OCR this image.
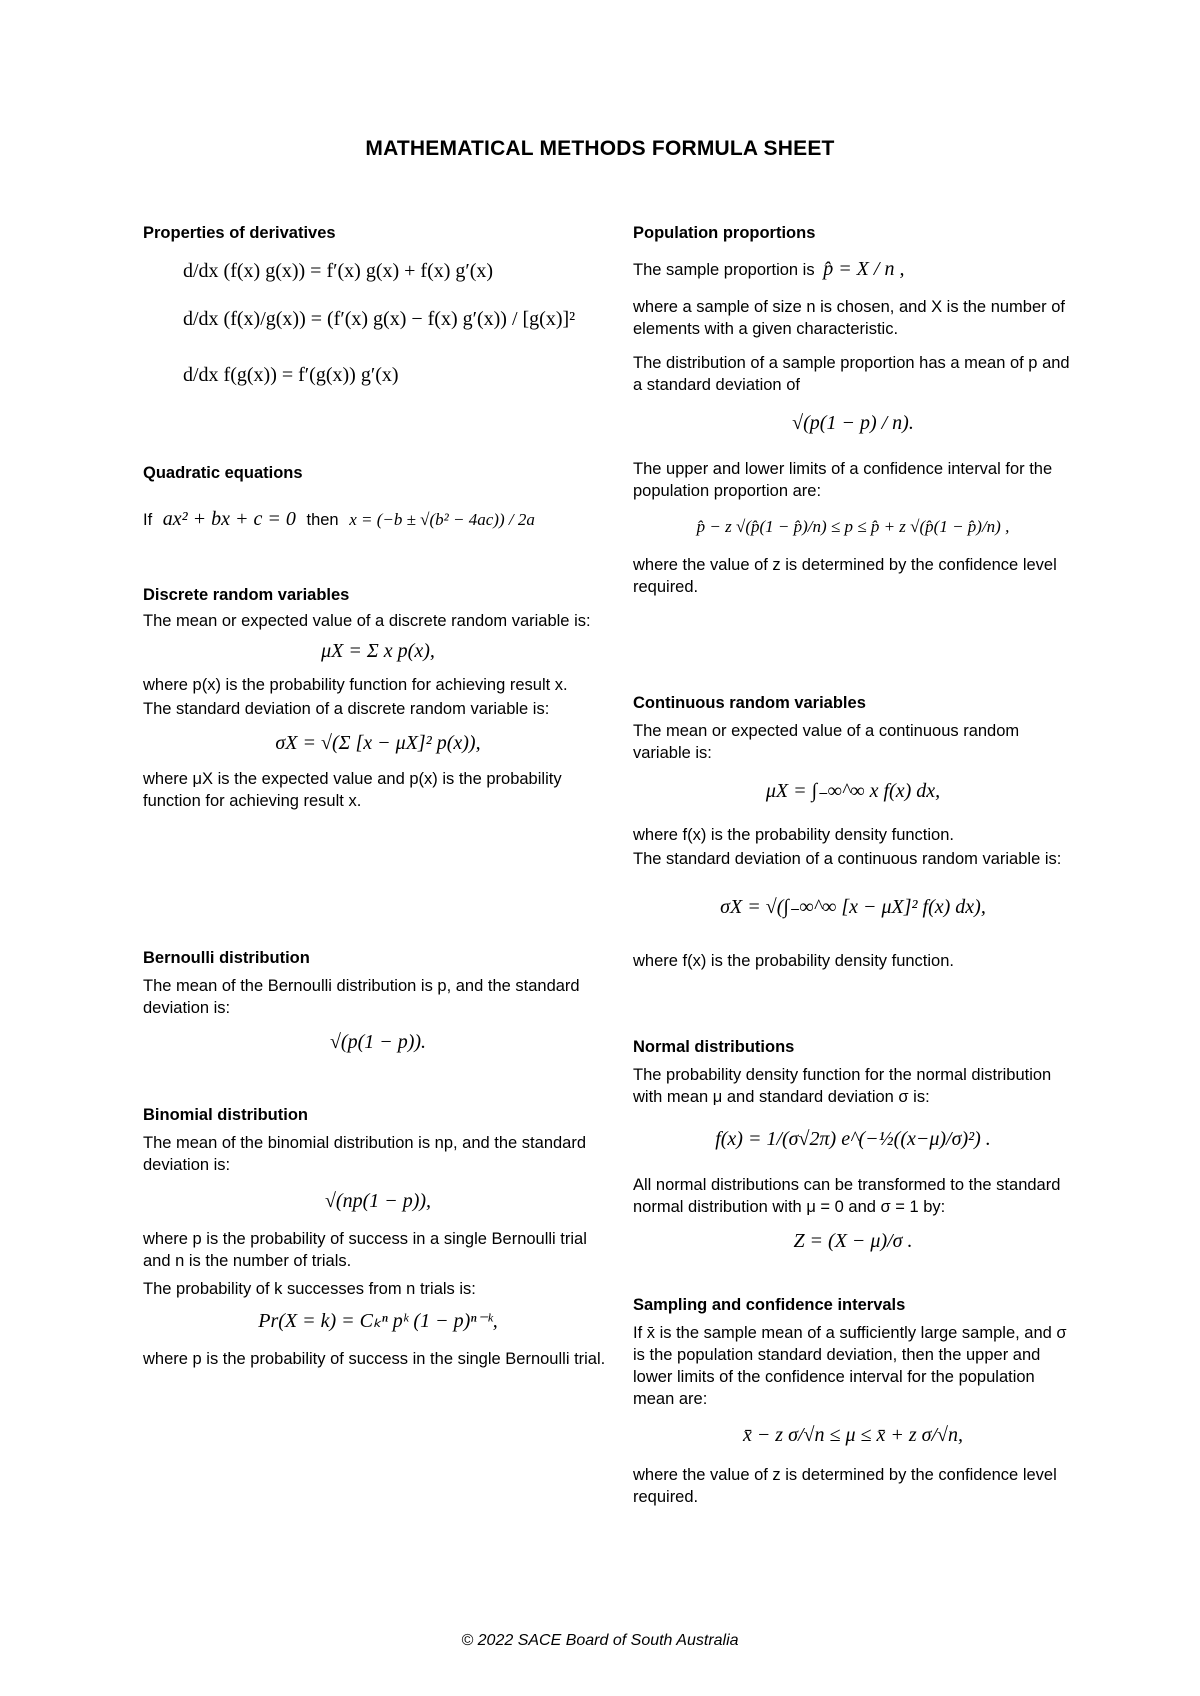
MATHEMATICAL METHODS FORMULA SHEET
Properties of derivatives
d/dx (f(x) g(x)) = f′(x) g(x) + f(x) g′(x)
d/dx (f(x)/g(x)) = (f′(x) g(x) − f(x) g′(x)) / [g(x)]²
d/dx f(g(x)) = f′(g(x)) g′(x)
Quadratic equations
If ax² + bx + c = 0 then x = (−b ± √(b² − 4ac)) / 2a
Discrete random variables

The mean or expected value of a discrete random variable is:

μX = Σ x p(x),

where p(x) is the probability function for achieving result x.

The standard deviation of a discrete random variable is:

σX = √(Σ [x − μX]² p(x)),

where μX is the expected value and p(x) is the probability function for achieving result x.

Bernoulli distribution

The mean of the Bernoulli distribution is p, and the standard deviation is:

√(p(1 − p)).
Binomial distribution

The mean of the binomial distribution is np, and the standard deviation is:

√(np(1 − p)),

where p is the probability of success in a single Bernoulli trial and n is the number of trials.

The probability of k successes from n trials is:

Pr(X = k) = Cₖⁿ pᵏ (1 − p)ⁿ⁻ᵏ,

where p is the probability of success in the single Bernoulli trial.

Population proportions

The sample proportion is p̂ = X / n ,

where a sample of size n is chosen, and X is the number of elements with a given characteristic.

The distribution of a sample proportion has a mean of p and a standard deviation of

√(p(1 − p) / n).

The upper and lower limits of a confidence interval for the population proportion are:

p̂ − z √(p̂(1 − p̂)/n) ≤ p ≤ p̂ + z √(p̂(1 − p̂)/n) ,

where the value of z is determined by the confidence level required.

Continuous random variables

The mean or expected value of a continuous random variable is:

μX = ∫₋∞^∞ x f(x) dx,

where f(x) is the probability density function.

The standard deviation of a continuous random variable is:

σX = √(∫₋∞^∞ [x − μX]² f(x) dx),

where f(x) is the probability density function.

Normal distributions

The probability density function for the normal distribution with mean μ and standard deviation σ is:

f(x) = 1/(σ√2π) e^(−½((x−μ)/σ)²) .

All normal distributions can be transformed to the standard normal distribution with μ = 0 and σ = 1 by:

Z = (X − μ)/σ .
Sampling and confidence intervals

If x̄ is the sample mean of a sufficiently large sample, and σ is the population standard deviation, then the upper and lower limits of the confidence interval for the population mean are:

x̄ − z σ/√n ≤ μ ≤ x̄ + z σ/√n,

where the value of z is determined by the confidence level required.

© 2022 SACE Board of South Australia
